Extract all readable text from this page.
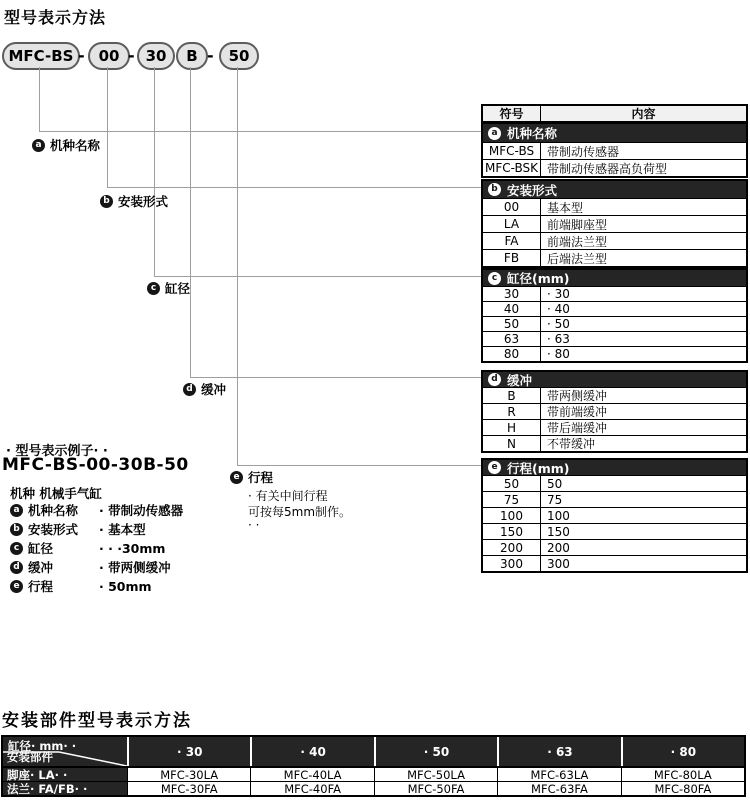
型号表示方法
MFC-BS - 00 - 30	B - 50
a 机种名称
b 安装形式
c 缸径
d 缓冲
e 行程
· 有关中间行程
可按每5mm制作。
· ·
符号	内容
a 机种名称
MFC-BS	带制动传感器
MFC-BSK 带制动传感器高负荷型
b 安装形式
00	基本型
LA	前端脚座型
FA	前端法兰型
FB	后端法兰型
c 缸径(mm)
30	· 30
40	· 40
50	· 50
63	· 63
80	· 80
d 缓冲
B	带两侧缓冲
R	带前端缓冲
H	带后端缓冲
N	不带缓冲
e 行程(mm)
50	50
75	75
100	100
150	150
200	200
300	300
· 型号表示例子· ·
MFC-BS-00-30B-50
机种 机械手气缸
a 机种名称	· 带制动传感器
b 安装形式	· 基本型
c 缸径	· · ·30mm
d 缓冲	· 带两侧缓冲
e 行程	· 50mm
安装部件型号表示方法
缸径· mm· ·
安装部件	· 30	· 40	· 50	· 63	· 80
脚座· LA· ·	MFC-30LA	MFC-40LA	MFC-50LA	MFC-63LA	MFC-80LA
法兰· FA/FB· ·	MFC-30FA	MFC-40FA	MFC-50FA	MFC-63FA	MFC-80FA
